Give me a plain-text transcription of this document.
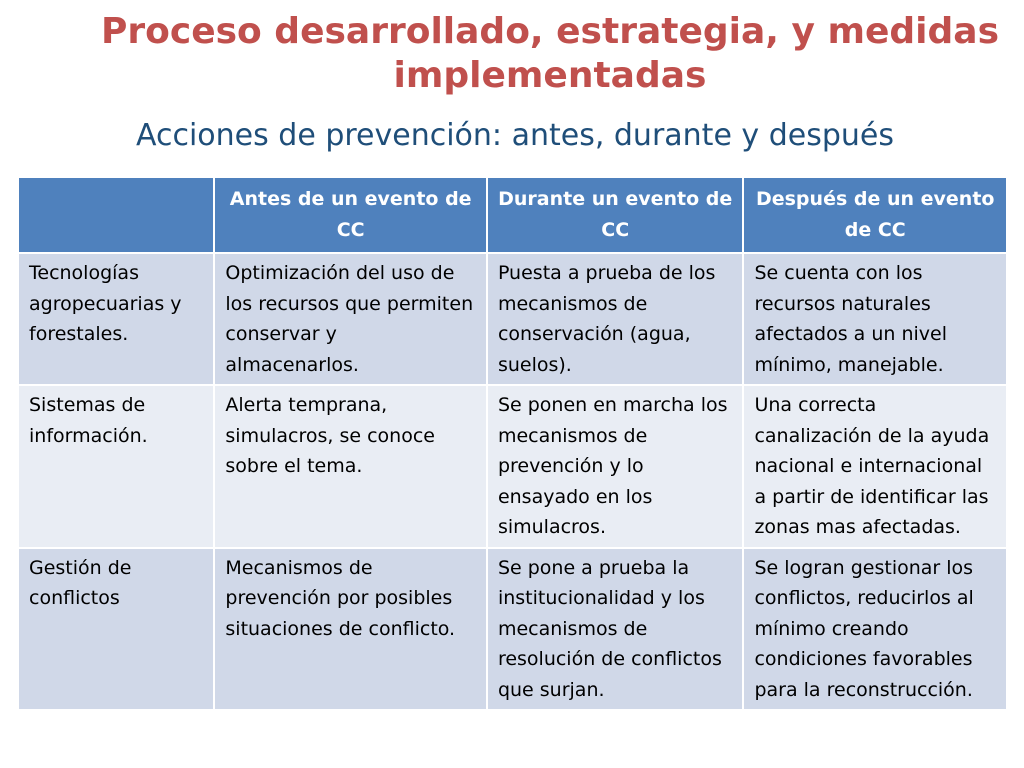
Proceso desarrollado, estrategia, y medidas implementadas
Acciones de prevención: antes, durante y después
	Antes de un evento de CC	Durante un evento de CC	Después de un evento de CC
Tecnologías agropecuarias y forestales.	Optimización del uso de los recursos que permiten conservar y almacenarlos.	Puesta a prueba de los mecanismos de conservación (agua, suelos).	Se cuenta con los recursos naturales afectados a un nivel mínimo, manejable.
Sistemas de información.	Alerta temprana, simulacros, se conoce sobre el tema.	Se ponen en marcha los mecanismos de prevención y lo ensayado en los simulacros.	Una correcta canalización de la ayuda nacional e internacional a partir de identificar las zonas mas afectadas.
Gestión de conflictos	Mecanismos de prevención por posibles situaciones de conflicto.	Se pone a prueba la institucionalidad y los mecanismos de resolución de conflictos que surjan.	Se logran gestionar los conflictos, reducirlos al mínimo creando condiciones favorables para la reconstrucción.
